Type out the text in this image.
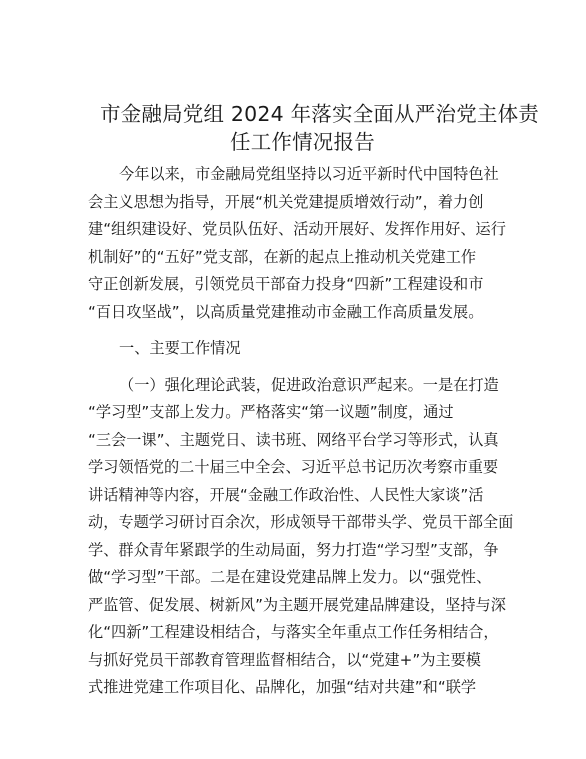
市金融局党组 2024 年落实全面从严治党主体责
任工作情况报告
今年以来，市金融局党组坚持以习近平新时代中国特色社
会主义思想为指导，开展“机关党建提质增效行动”，着力创
建“组织建设好、党员队伍好、活动开展好、发挥作用好、运行
机制好”的“五好”党支部，在新的起点上推动机关党建工作
守正创新发展，引领党员干部奋力投身“四新”工程建设和市
“百日攻坚战”，以高质量党建推动市金融工作高质量发展。
一、主要工作情况
（一）强化理论武装，促进政治意识严起来。一是在打造
“学习型”支部上发力。严格落实“第一议题”制度，通过
“三会一课”、主题党日、读书班、网络平台学习等形式，认真
学习领悟党的二十届三中全会、习近平总书记历次考察市重要
讲话精神等内容，开展“金融工作政治性、人民性大家谈”活
动，专题学习研讨百余次，形成领导干部带头学、党员干部全面
学、群众青年紧跟学的生动局面，努力打造“学习型”支部，争
做“学习型”干部。二是在建设党建品牌上发力。以“强党性、
严监管、促发展、树新风”为主题开展党建品牌建设，坚持与深
化“四新”工程建设相结合，与落实全年重点工作任务相结合，
与抓好党员干部教育管理监督相结合，以“党建+”为主要模
式推进党建工作项目化、品牌化，加强“结对共建”和“联学
